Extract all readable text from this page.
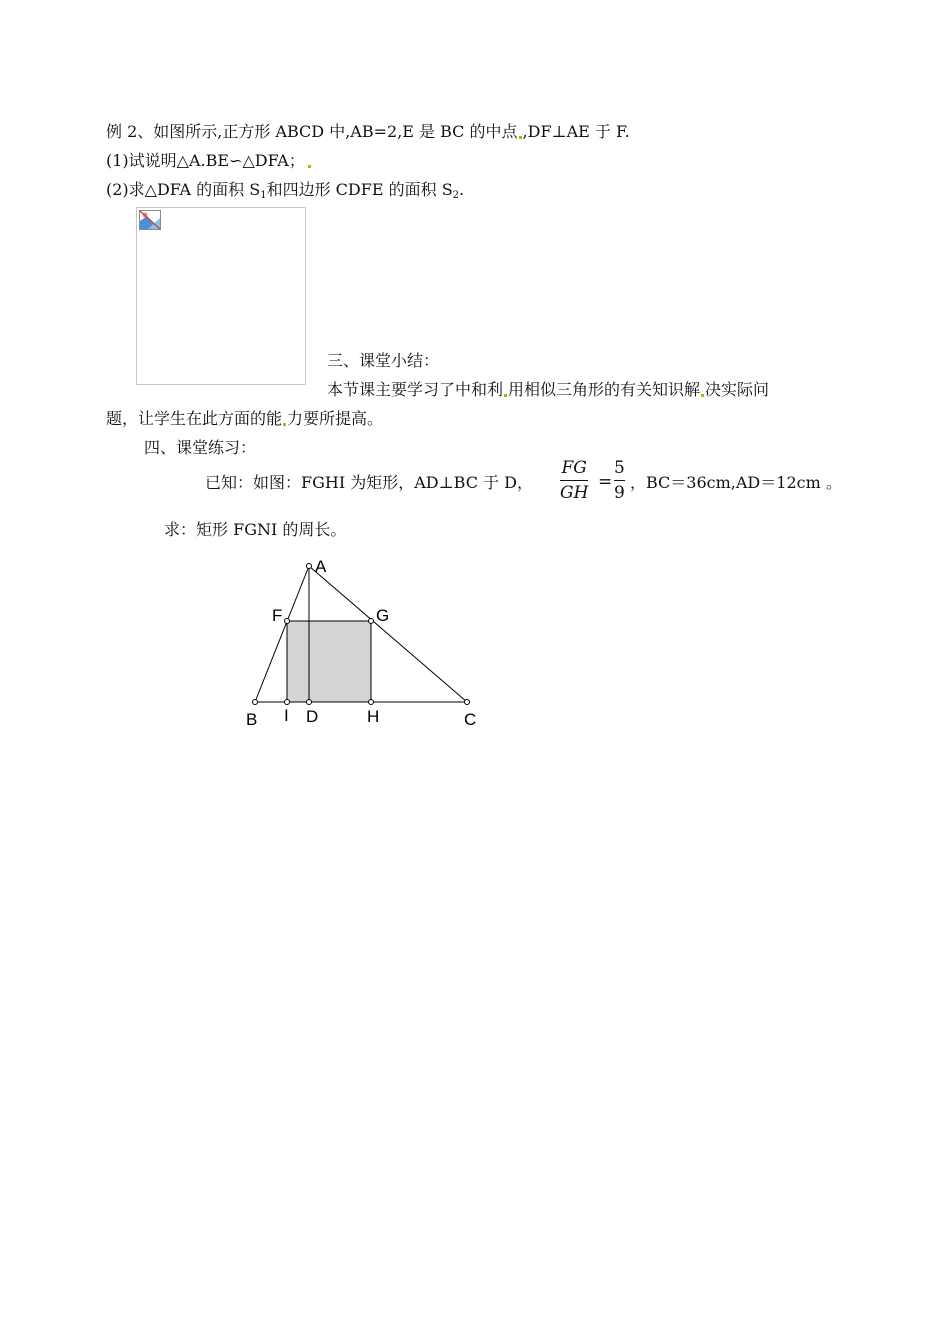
例 2、如图所示,正方形 ABCD 中,AB=2,E 是 BC 的中点 ,DF⊥AE 于 F.
(1)试说明△A.BE∽△DFA；
(2)求△DFA 的面积 $S_1$和四边形 CDFE 的面积 $S_2$.
三、课堂小结：
本节课主要学习了中和利 用相似三角形的有关知识解 决实际问
题，让学生在此方面的能 力要所提高。
四、课堂练习：
已知：如图：FGHI 为矩形，AD⊥BC 于 D，
FG
GH
=
5
9
，BC＝36cm,AD＝12cm 。
求：矩形 FGNI 的周长。
A
F	G
B I D	H	C
